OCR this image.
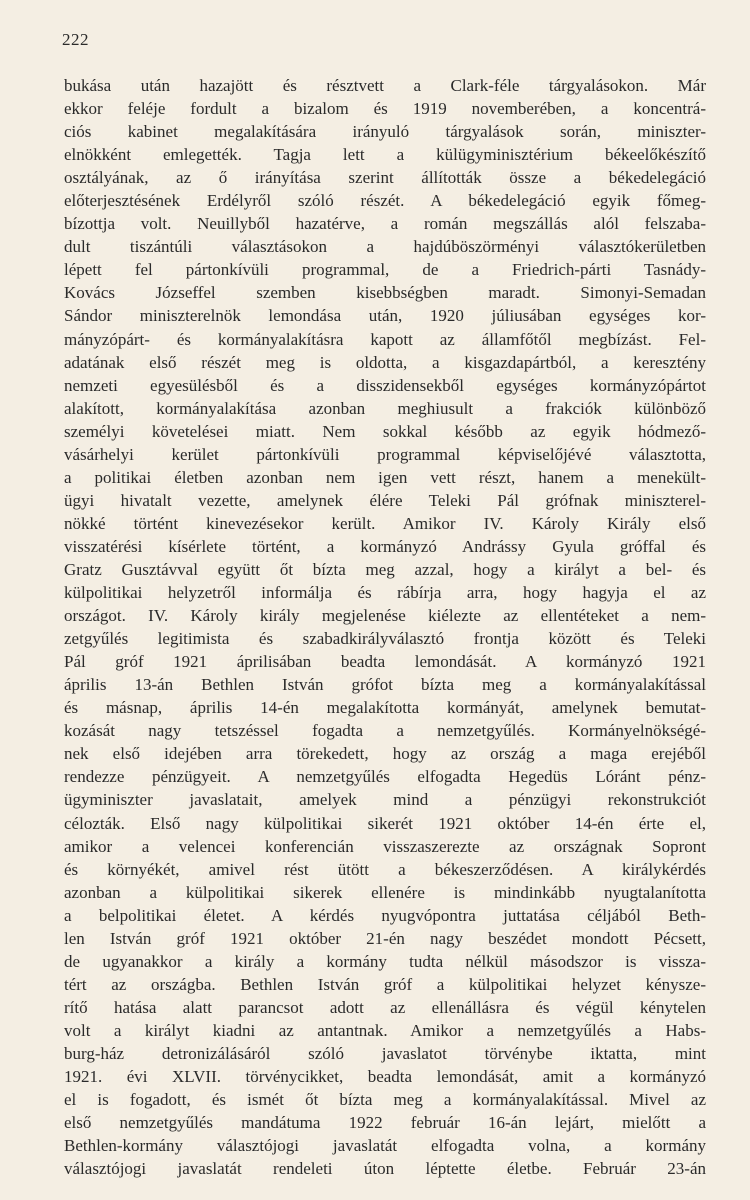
222
bukása után hazajött és résztvett a Clark-féle tárgyalásokon. Már
ekkor feléje fordult a bizalom és 1919 novemberében, a koncentrá-
ciós kabinet megalakítására irányuló tárgyalások során, miniszter-
elnökként emlegették. Tagja lett a külügyminisztérium békeelőkészítő
osztályának, az ő irányítása szerint állították össze a békedelegáció
előterjesztésének Erdélyről szóló részét. A békedelegáció egyik főmeg-
bízottja volt. Neuillyből hazatérve, a román megszállás alól felszaba-
dult tiszántúli választásokon a hajdúböszörményi választókerületben
lépett fel pártonkívüli programmal, de a Friedrich-párti Tasnády-
Kovács Józseffel szemben kisebbségben maradt. Simonyi-Semadan
Sándor miniszterelnök lemondása után, 1920 júliusában egységes kor-
mányzópárt- és kormányalakításra kapott az államfőtől megbízást. Fel-
adatának első részét meg is oldotta, a kisgazdapártból, a keresztény
nemzeti egyesülésből és a disszidensekből egységes kormányzópártot
alakított, kormányalakítása azonban meghiusult a frakciók különböző
személyi követelései miatt. Nem sokkal később az egyik hódmező-
vásárhelyi kerület pártonkívüli programmal képviselőjévé választotta,
a politikai életben azonban nem igen vett részt, hanem a menekült-
ügyi hivatalt vezette, amelynek élére Teleki Pál grófnak miniszterel-
nökké történt kinevezésekor került. Amikor IV. Károly Király első
visszatérési kísérlete történt, a kormányzó Andrássy Gyula gróffal és
Gratz Gusztávval együtt őt bízta meg azzal, hogy a királyt a bel- és
külpolitikai helyzetről informálja és rábírja arra, hogy hagyja el az
országot. IV. Károly király megjelenése kiélezte az ellentéteket a nem-
zetgyűlés legitimista és szabadkirályválasztó frontja között és Teleki
Pál gróf 1921 áprilisában beadta lemondását. A kormányzó 1921
április 13-án Bethlen István grófot bízta meg a kormányalakítással
és másnap, április 14-én megalakította kormányát, amelynek bemutat-
kozását nagy tetszéssel fogadta a nemzetgyűlés. Kormányelnökségé-
nek első idejében arra törekedett, hogy az ország a maga erejéből
rendezze pénzügyeit. A nemzetgyűlés elfogadta Hegedüs Lóránt pénz-
ügyminiszter javaslatait, amelyek mind a pénzügyi rekonstrukciót
célozták. Első nagy külpolitikai sikerét 1921 október 14-én érte el,
amikor a velencei konferencián visszaszerezte az országnak Sopront
és környékét, amivel rést ütött a békeszerződésen. A királykérdés
azonban a külpolitikai sikerek ellenére is mindinkább nyugtalanította
a belpolitikai életet. A kérdés nyugvópontra juttatása céljából Beth-
len István gróf 1921 október 21-én nagy beszédet mondott Pécsett,
de ugyanakkor a király a kormány tudta nélkül másodszor is vissza-
tért az országba. Bethlen István gróf a külpolitikai helyzet kénysze-
rítő hatása alatt parancsot adott az ellenállásra és végül kénytelen
volt a királyt kiadni az antantnak. Amikor a nemzetgyűlés a Habs-
burg-ház detronizálásáról szóló javaslatot törvénybe iktatta, mint
1921. évi XLVII. törvénycikket, beadta lemondását, amit a kormányzó
el is fogadott, és ismét őt bízta meg a kormányalakítással. Mivel az
első nemzetgyűlés mandátuma 1922 február 16-án lejárt, mielőtt a
Bethlen-kormány választójogi javaslatát elfogadta volna, a kormány
választójogi javaslatát rendeleti úton léptette életbe. Február 23-án
